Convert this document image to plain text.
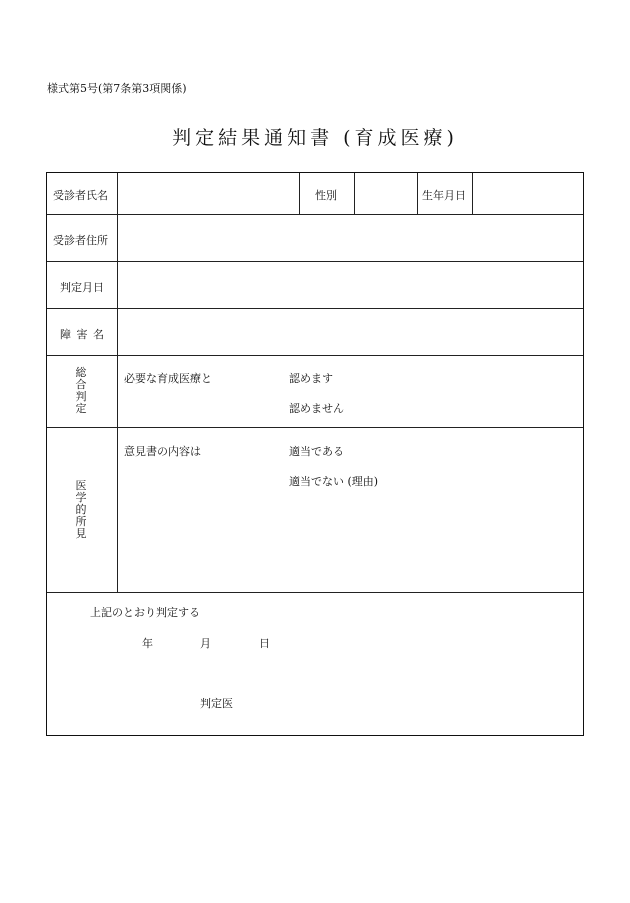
様式第5号(第7条第3項関係)
判定結果通知書 (育成医療)
受診者氏名	性別	生年月日
受診者住所
判定月日
障 害 名
総合判定
必要な育成医療と	認めます
認めません
医学的所見
意見書の内容は	適当である
適当でない (理由)
上記のとおり判定する
年	月	日
判定医
